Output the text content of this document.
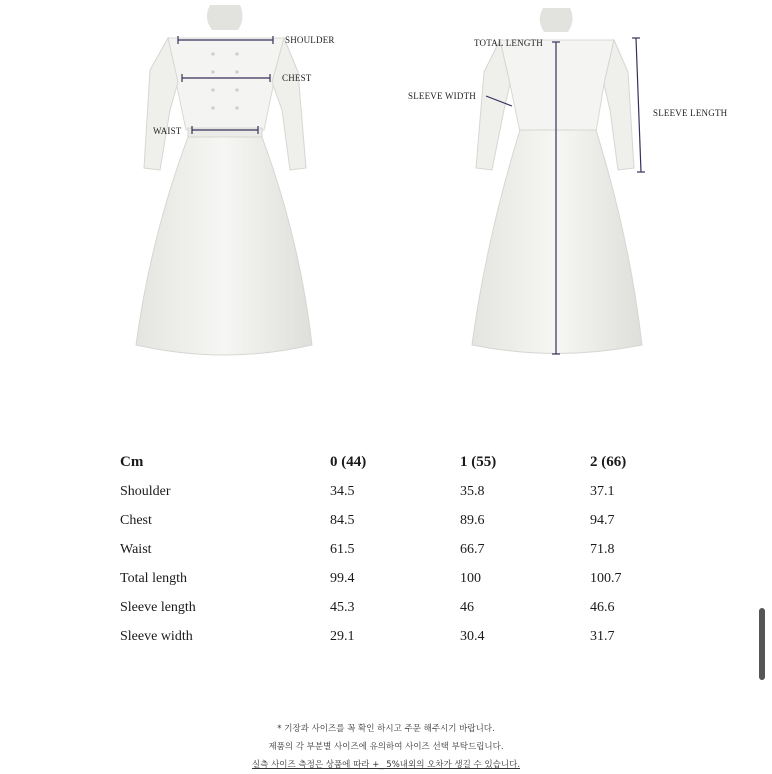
SHOULDER
CHEST
WAIST
TOTAL LENGTH
SLEEVE WIDTH
SLEEVE LENGTH
Cm	0 (44)	1 (55)	2 (66)
Shoulder	34.5	35.8	37.1
Chest	84.5	89.6	94.7
Waist	61.5	66.7	71.8
Total length	99.4	100	100.7
Sleeve length	45.3	46	46.6
Sleeve width	29.1	30.4	31.7
* 기장과 사이즈를 꼭 확인 하시고 주문 해주시기 바랍니다.
제품의 각 부분별 사이즈에 유의하여 사이즈 선택 부탁드립니다.
실측 사이즈 측정은 상품에 따라 +_ 5%내외의 오차가 생길 수 있습니다.
